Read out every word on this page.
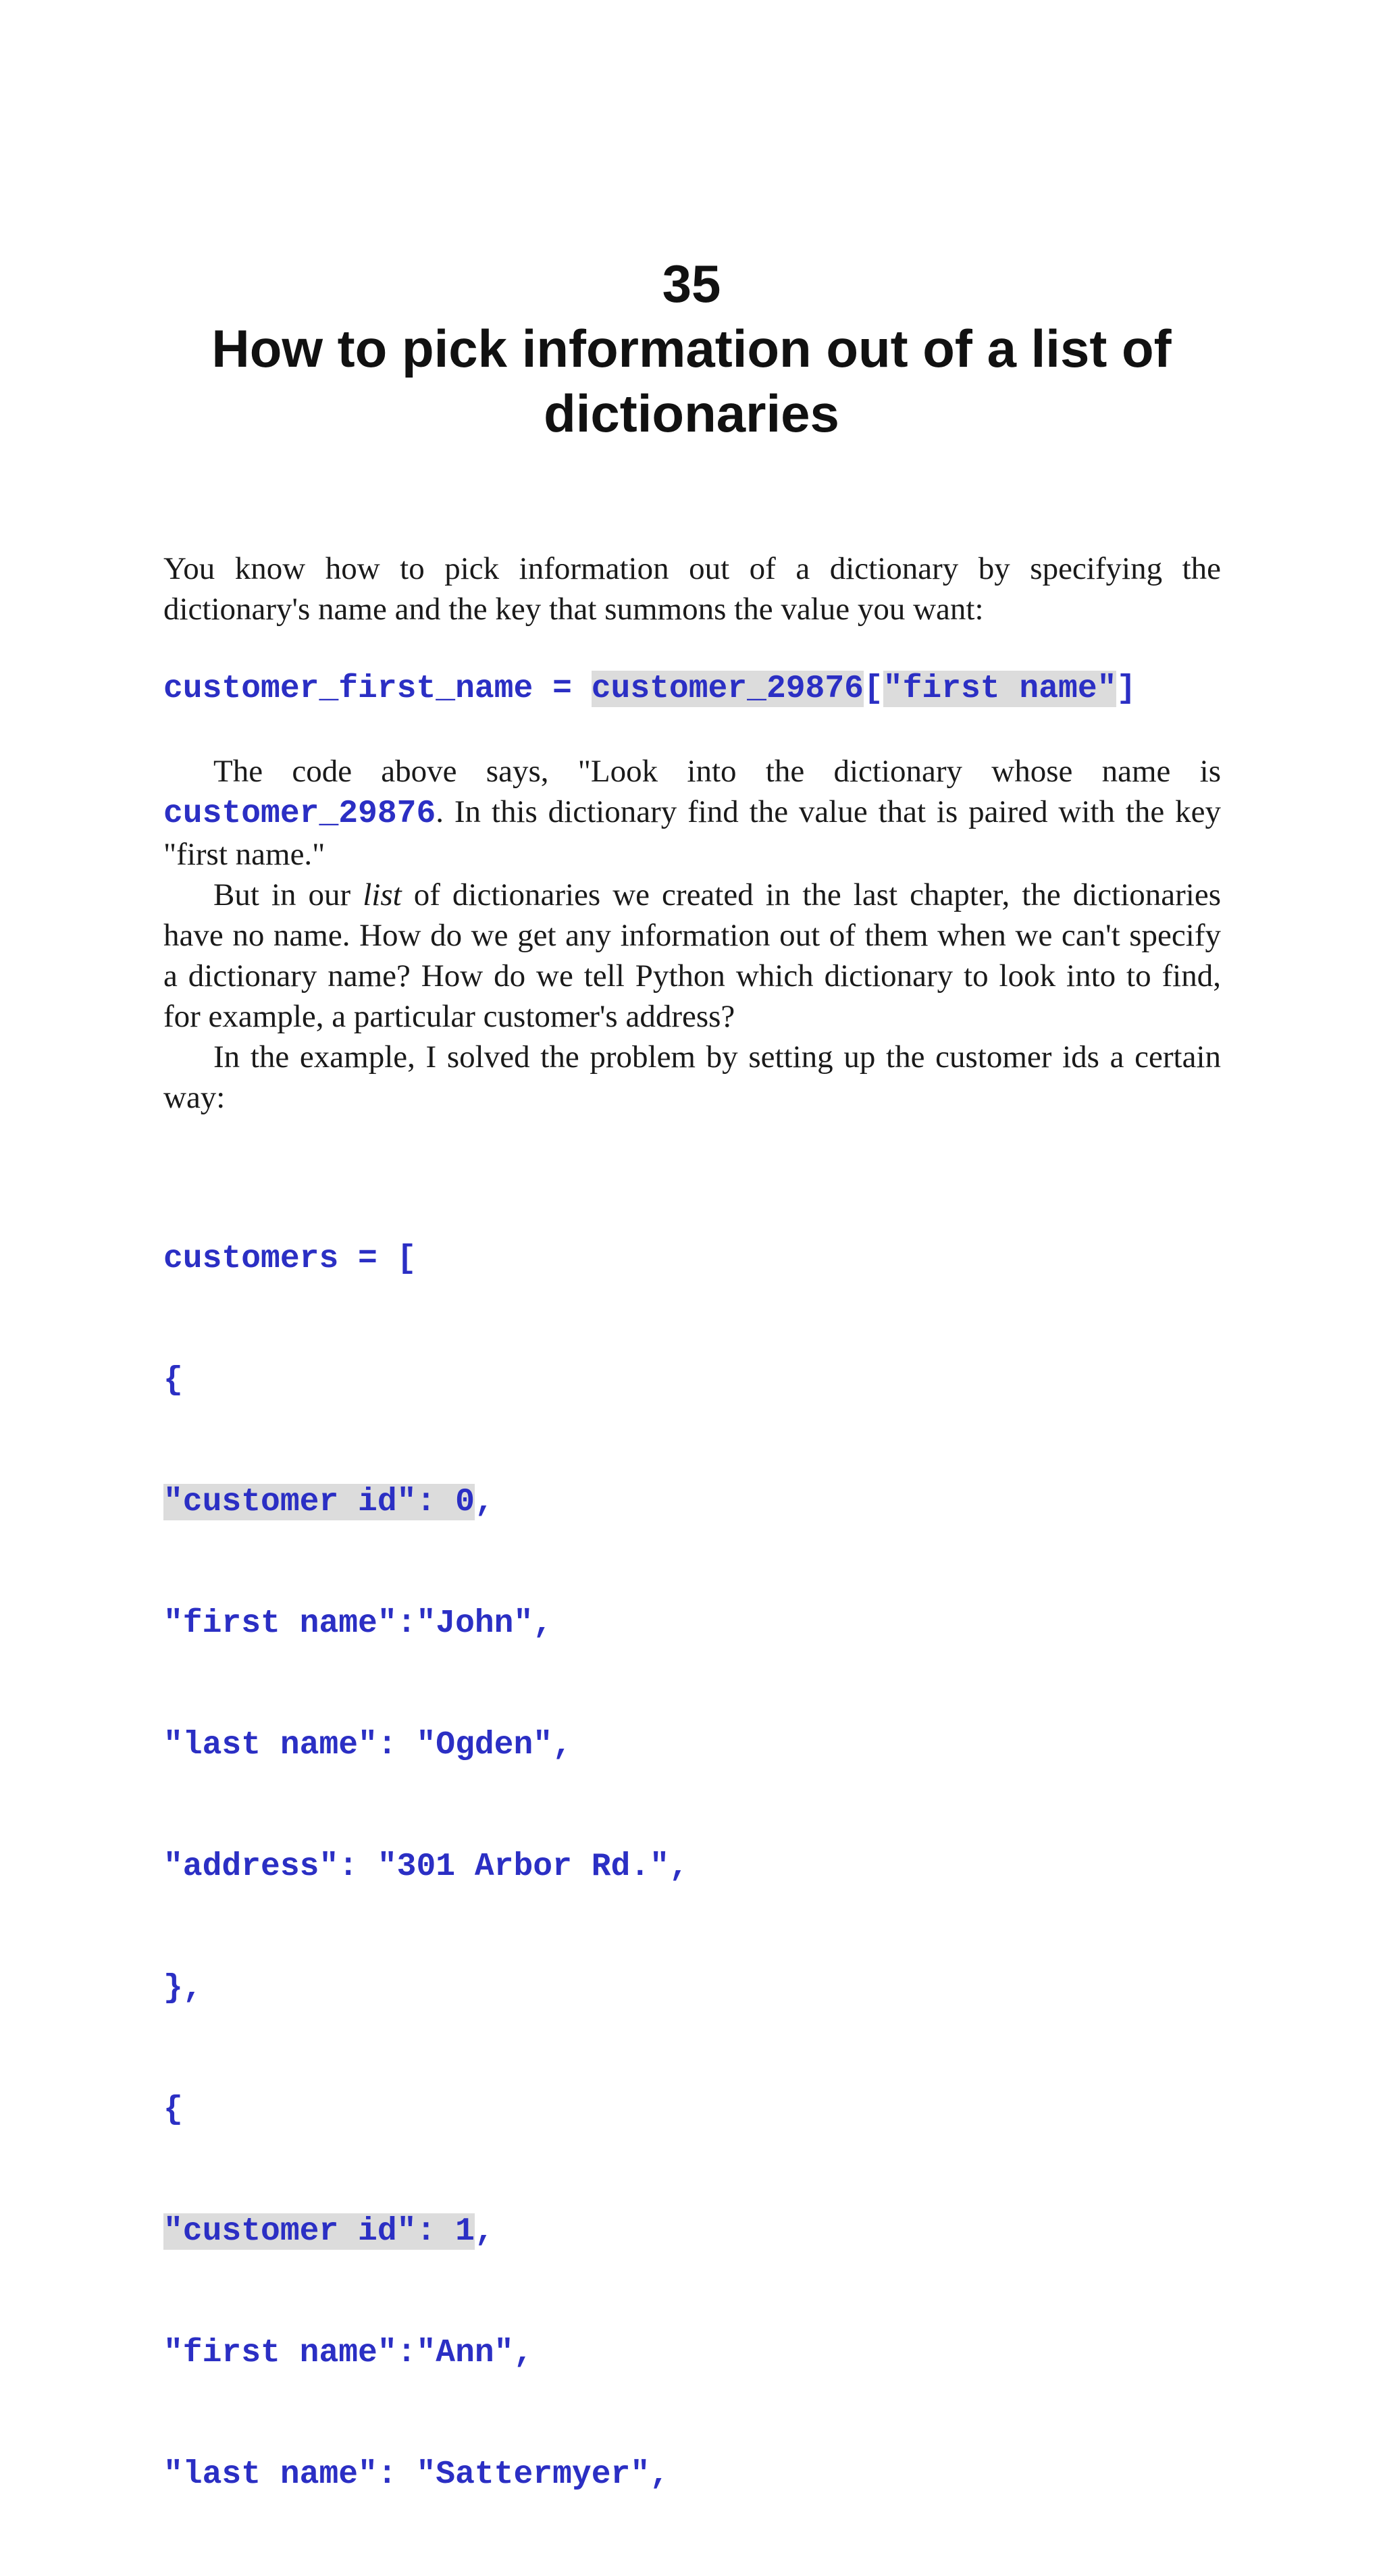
35
How to pick information out of a list of dictionaries

You know how to pick information out of a dictionary by specifying the dictionary's name and the key that summons the value you want:

customer_first_name = customer_29876["first name"]

The code above says, "Look into the dictionary whose name is customer_29876. In this dictionary find the value that is paired with the key "first name."

But in our list of dictionaries we created in the last chapter, the dictionaries have no name. How do we get any information out of them when we can't specify a dictionary name? How do we tell Python which dictionary to look into to find, for example, a particular customer's address?

In the example, I solved the problem by setting up the customer ids a certain way:

customers = [

{

"customer id": 0,

"first name":"John",

"last name": "Ogden",

"address": "301 Arbor Rd.",

},

{

"customer id": 1,

"first name":"Ann",

"last name": "Sattermyer",
